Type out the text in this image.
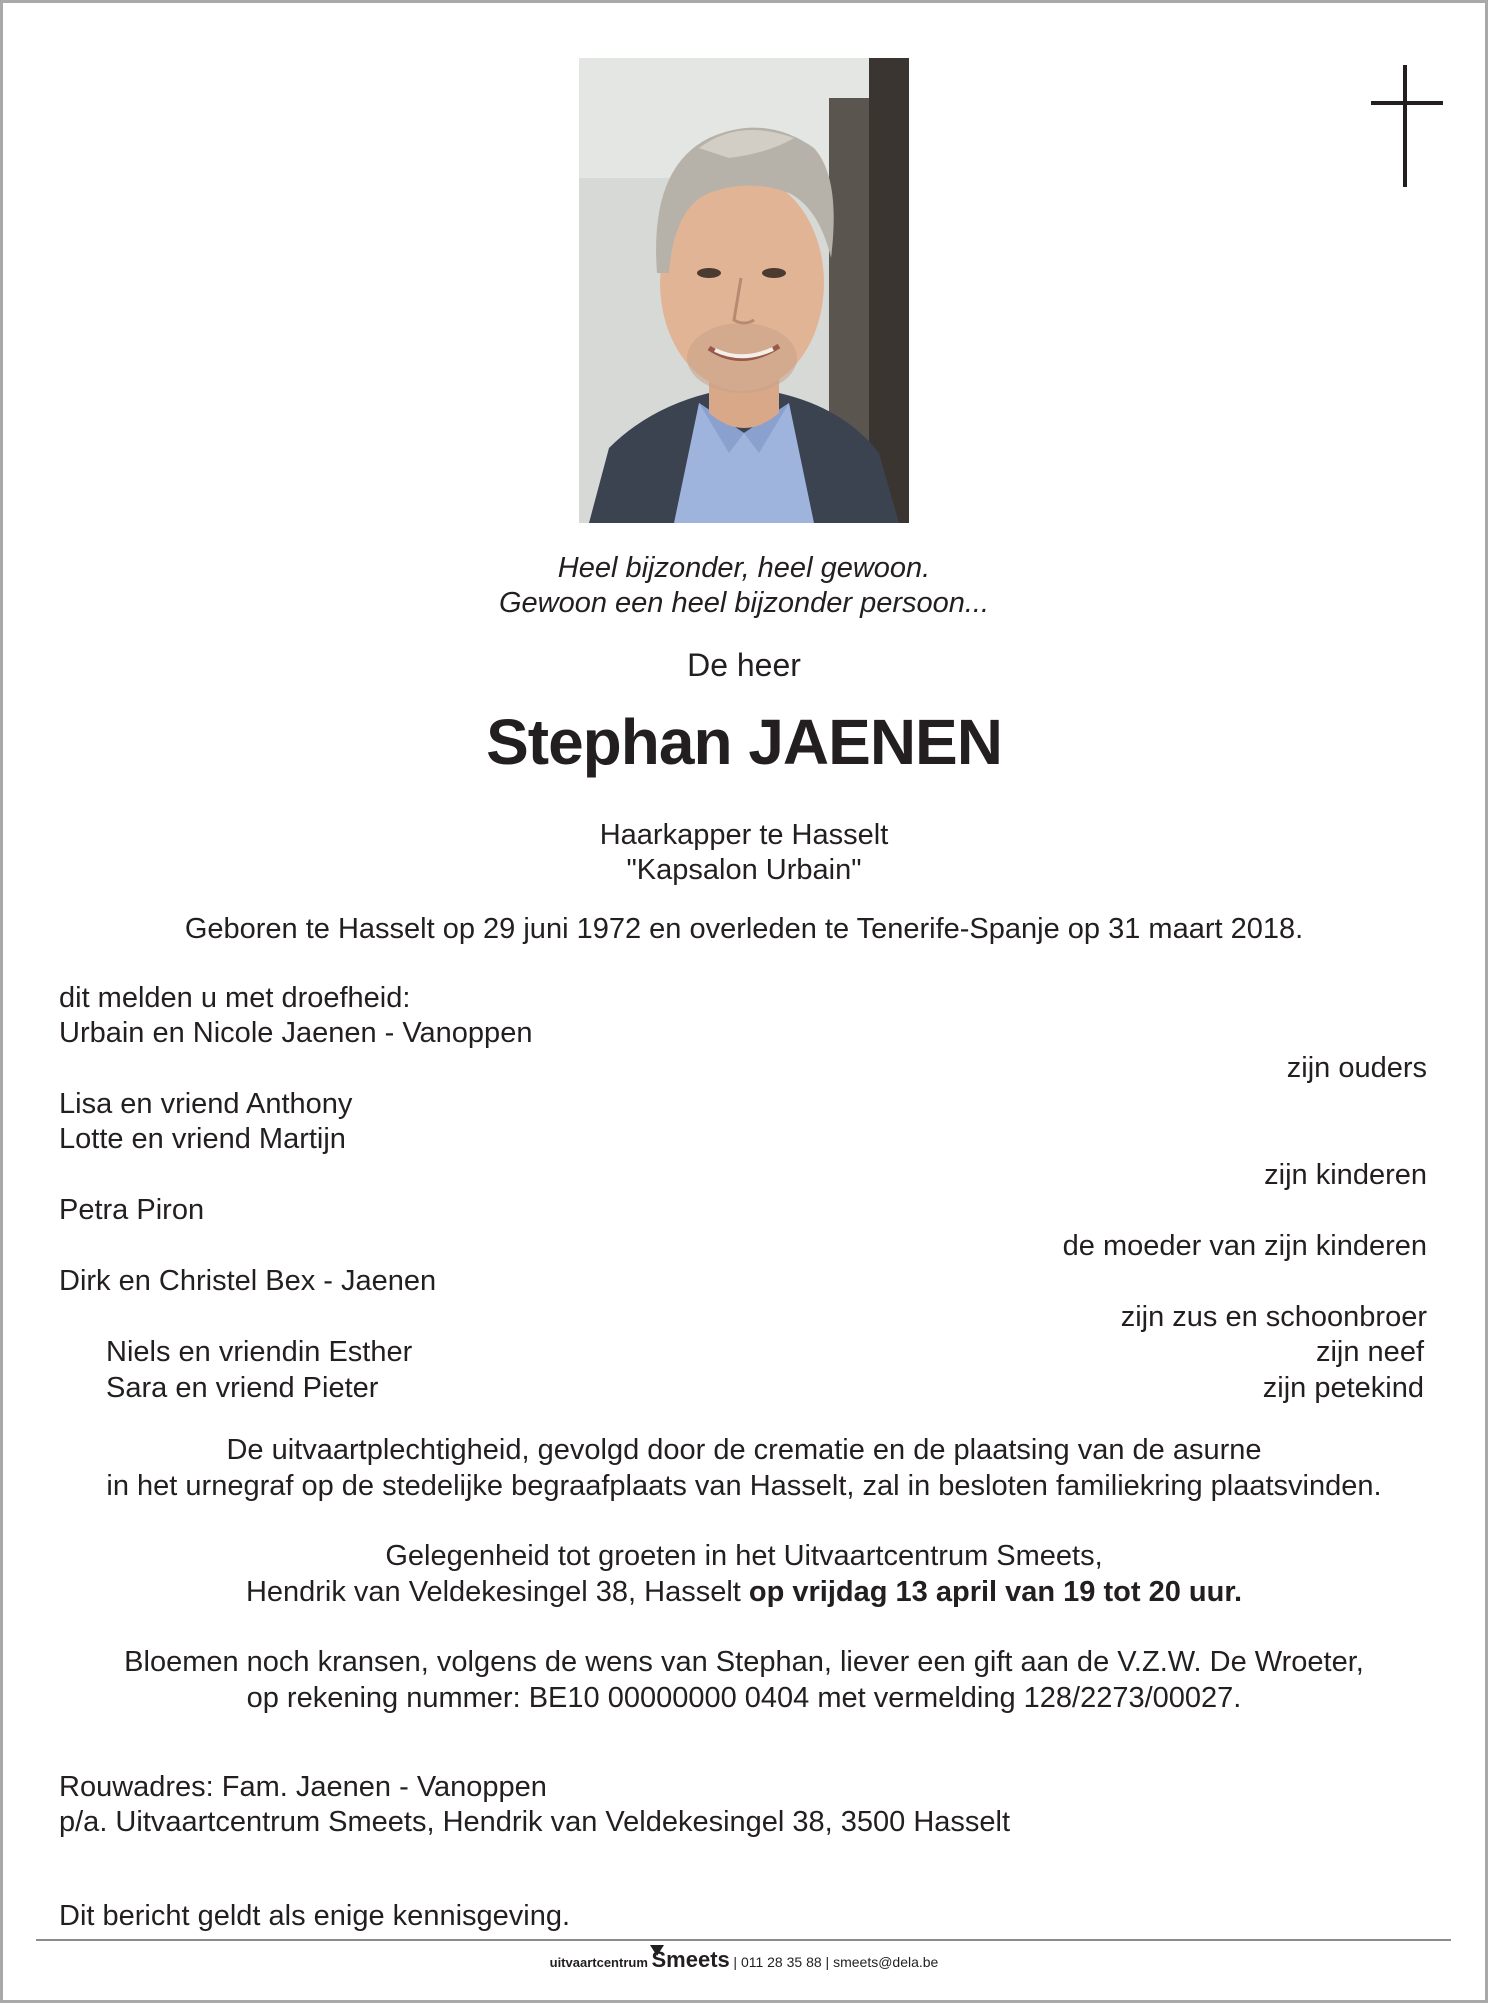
Heel bijzonder, heel gewoon.
Gewoon een heel bijzonder persoon...
De heer
Stephan JAENEN
Haarkapper te Hasselt
"Kapsalon Urbain"
Geboren te Hasselt op 29 juni 1972 en overleden te Tenerife-Spanje op 31 maart 2018.
dit melden u met droefheid:
Urbain en Nicole Jaenen - Vanoppen
zijn ouders
Lisa en vriend Anthony
Lotte en vriend Martijn
zijn kinderen
Petra Piron
de moeder van zijn kinderen
Dirk en Christel Bex - Jaenen
zijn zus en schoonbroer
Niels en vriendin Esther	zijn neef
Sara en vriend Pieter	zijn petekind
De uitvaartplechtigheid, gevolgd door de crematie en de plaatsing van de asurne
in het urnegraf op de stedelijke begraafplaats van Hasselt, zal in besloten familiekring plaatsvinden.
Gelegenheid tot groeten in het Uitvaartcentrum Smeets,
Hendrik van Veldekesingel 38, Hasselt op vrijdag 13 april van 19 tot 20 uur.
Bloemen noch kransen, volgens de wens van Stephan, liever een gift aan de V.Z.W. De Wroeter,
op rekening nummer: BE10 00000000 0404 met vermelding 128/2273/00027.
Rouwadres: Fam. Jaenen - Vanoppen
p/a. Uitvaartcentrum Smeets, Hendrik van Veldekesingel 38, 3500 Hasselt
Dit bericht geldt als enige kennisgeving.
uitvaartcentrum Smeets | 011 28 35 88 | smeets@dela.be
